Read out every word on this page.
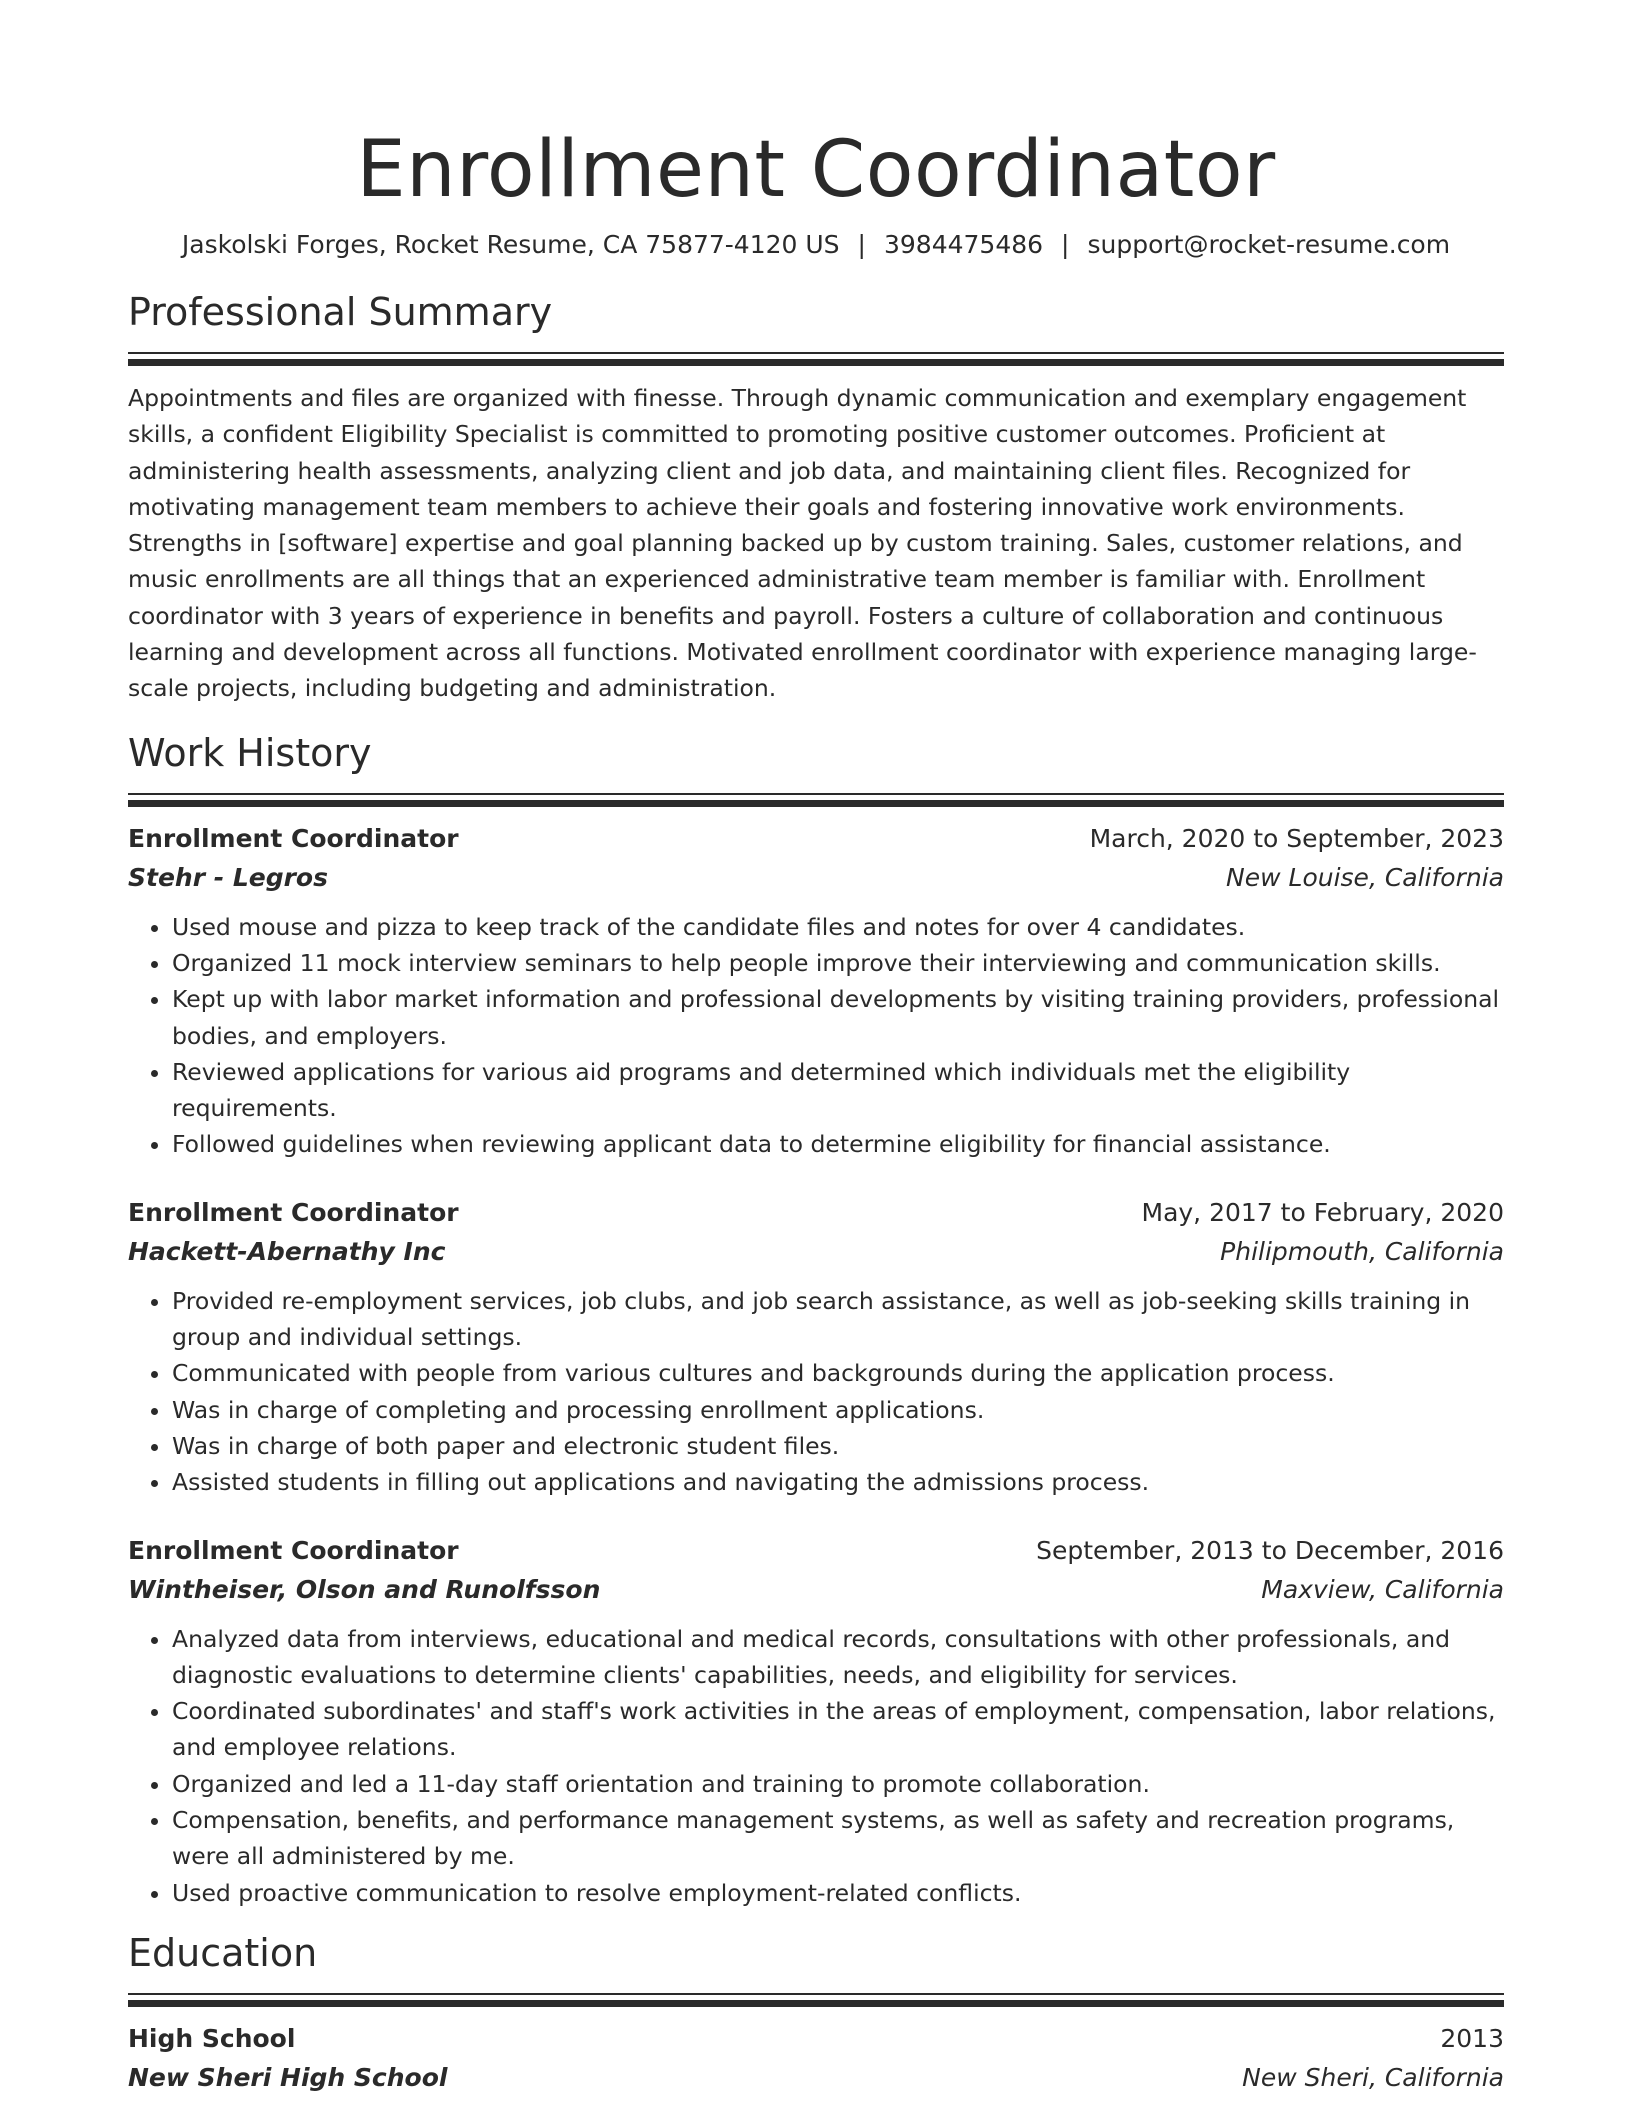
Enrollment Coordinator
Jaskolski Forges, Rocket Resume, CA 75877-4120 US | 3984475486 | support@rocket-resume.com
Professional Summary

Appointments and files are organized with finesse. Through dynamic communication and exemplary engagement skills, a confident Eligibility Specialist is committed to promoting positive customer outcomes. Proficient at administering health assessments, analyzing client and job data, and maintaining client files. Recognized for motivating management team members to achieve their goals and fostering innovative work environments. Strengths in [software] expertise and goal planning backed up by custom training. Sales, customer relations, and music enrollments are all things that an experienced administrative team member is familiar with. Enrollment coordinator with 3 years of experience in benefits and payroll. Fosters a culture of collaboration and continuous learning and development across all functions. Motivated enrollment coordinator with experience managing large-scale projects, including budgeting and administration.

Work History
Enrollment Coordinator	March, 2020 to September, 2023
Stehr - Legros	New Louise, California
• Used mouse and pizza to keep track of the candidate files and notes for over 4 candidates.
• Organized 11 mock interview seminars to help people improve their interviewing and communication skills.
• Kept up with labor market information and professional developments by visiting training providers, professional bodies, and employers.
• Reviewed applications for various aid programs and determined which individuals met the eligibility requirements.
• Followed guidelines when reviewing applicant data to determine eligibility for financial assistance.
Enrollment Coordinator	May, 2017 to February, 2020
Hackett-Abernathy Inc	Philipmouth, California
• Provided re-employment services, job clubs, and job search assistance, as well as job-seeking skills training in group and individual settings.
• Communicated with people from various cultures and backgrounds during the application process.
• Was in charge of completing and processing enrollment applications.
• Was in charge of both paper and electronic student files.
• Assisted students in filling out applications and navigating the admissions process.
Enrollment Coordinator	September, 2013 to December, 2016
Wintheiser, Olson and Runolfsson	Maxview, California
• Analyzed data from interviews, educational and medical records, consultations with other professionals, and diagnostic evaluations to determine clients' capabilities, needs, and eligibility for services.
• Coordinated subordinates' and staff's work activities in the areas of employment, compensation, labor relations, and employee relations.
• Organized and led a 11-day staff orientation and training to promote collaboration.
• Compensation, benefits, and performance management systems, as well as safety and recreation programs, were all administered by me.
• Used proactive communication to resolve employment-related conflicts.
Education
High School	2013
New Sheri High School	New Sheri, California
